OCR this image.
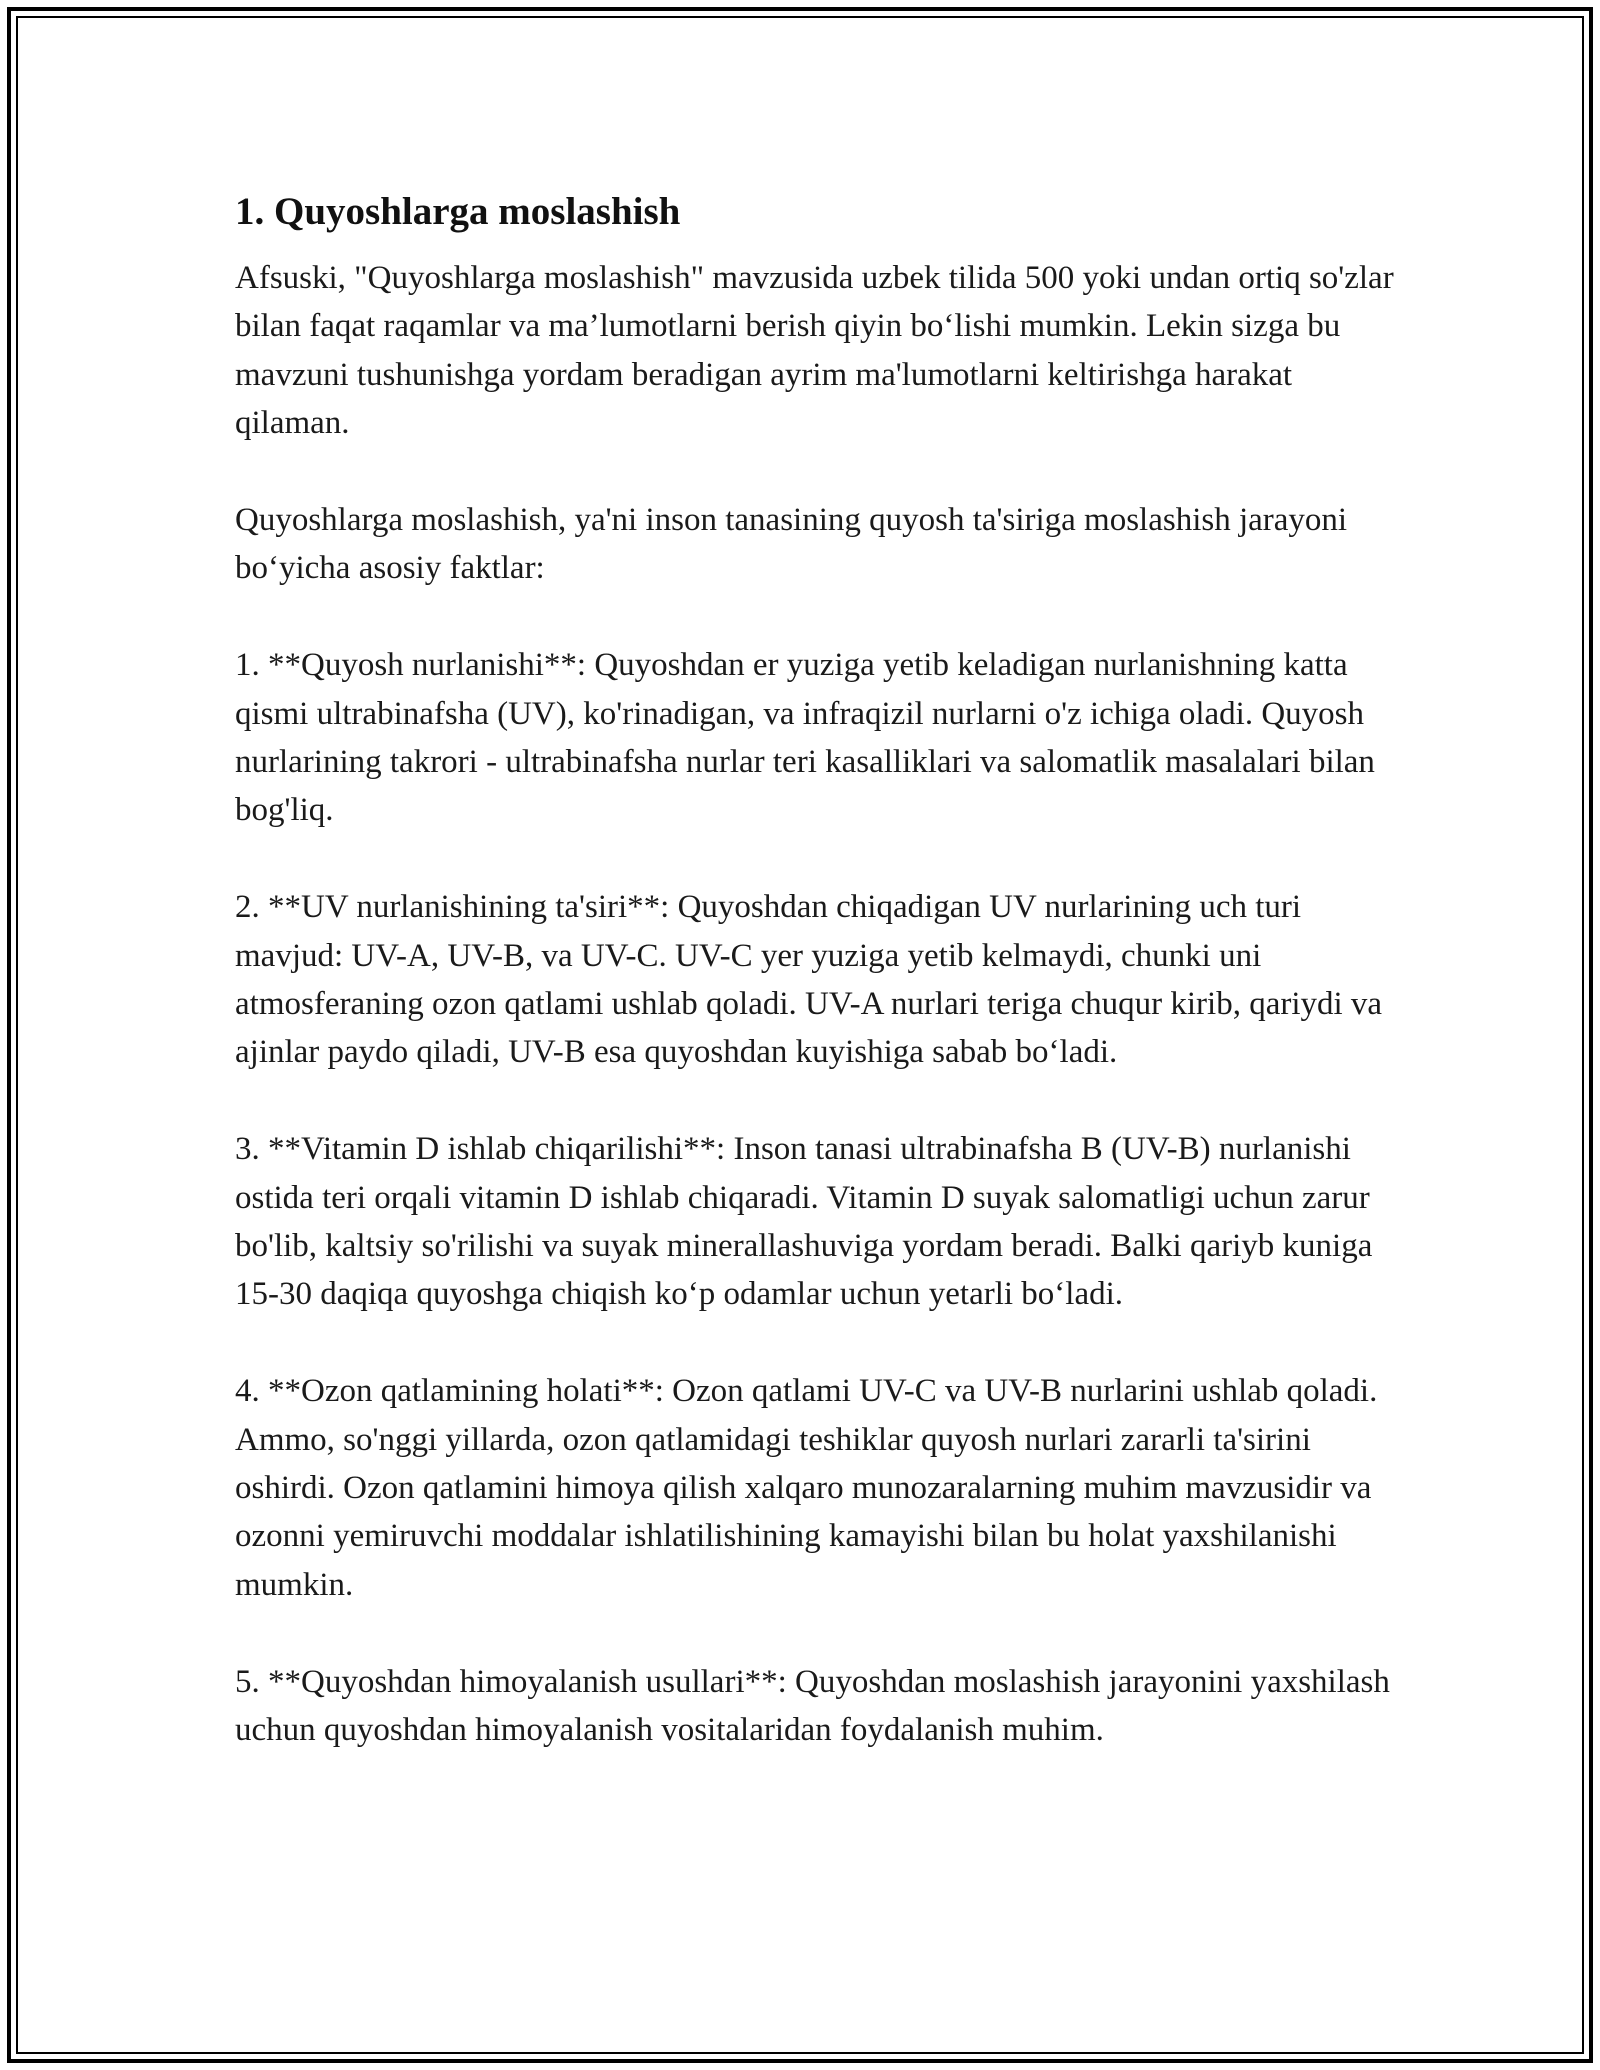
1. Quyoshlarga moslashish

Afsuski, "Quyoshlarga moslashish" mavzusida uzbek tilida 500 yoki undan ortiq so'zlar bilan faqat raqamlar va ma’lumotlarni berish qiyin bo‘lishi mumkin. Lekin sizga bu mavzuni tushunishga yordam beradigan ayrim ma'lumotlarni keltirishga harakat qilaman.

Quyoshlarga moslashish, ya'ni inson tanasining quyosh ta'siriga moslashish jarayoni bo‘yicha asosiy faktlar:

1. **Quyosh nurlanishi**: Quyoshdan er yuziga yetib keladigan nurlanishning katta qismi ultrabinafsha (UV), ko'rinadigan, va infraqizil nurlarni o'z ichiga oladi. Quyosh nurlarining takrori - ultrabinafsha nurlar teri kasalliklari va salomatlik masalalari bilan bog'liq.

2. **UV nurlanishining ta'siri**: Quyoshdan chiqadigan UV nurlarining uch turi mavjud: UV-A, UV-B, va UV-C. UV-C yer yuziga yetib kelmaydi, chunki uni atmosferaning ozon qatlami ushlab qoladi. UV-A nurlari teriga chuqur kirib, qariydi va ajinlar paydo qiladi, UV-B esa quyoshdan kuyishiga sabab bo‘ladi.

3. **Vitamin D ishlab chiqarilishi**: Inson tanasi ultrabinafsha B (UV-B) nurlanishi ostida teri orqali vitamin D ishlab chiqaradi. Vitamin D suyak salomatligi uchun zarur bo'lib, kaltsiy so'rilishi va suyak minerallashuviga yordam beradi. Balki qariyb kuniga 15-30 daqiqa quyoshga chiqish ko‘p odamlar uchun yetarli bo‘ladi.

4. **Ozon qatlamining holati**: Ozon qatlami UV-C va UV-B nurlarini ushlab qoladi. Ammo, so'nggi yillarda, ozon qatlamidagi teshiklar quyosh nurlari zararli ta'sirini oshirdi. Ozon qatlamini himoya qilish xalqaro munozaralarning muhim mavzusidir va ozonni yemiruvchi moddalar ishlatilishining kamayishi bilan bu holat yaxshilanishi mumkin.

5. **Quyoshdan himoyalanish usullari**: Quyoshdan moslashish jarayonini yaxshilash uchun quyoshdan himoyalanish vositalaridan foydalanish muhim.
